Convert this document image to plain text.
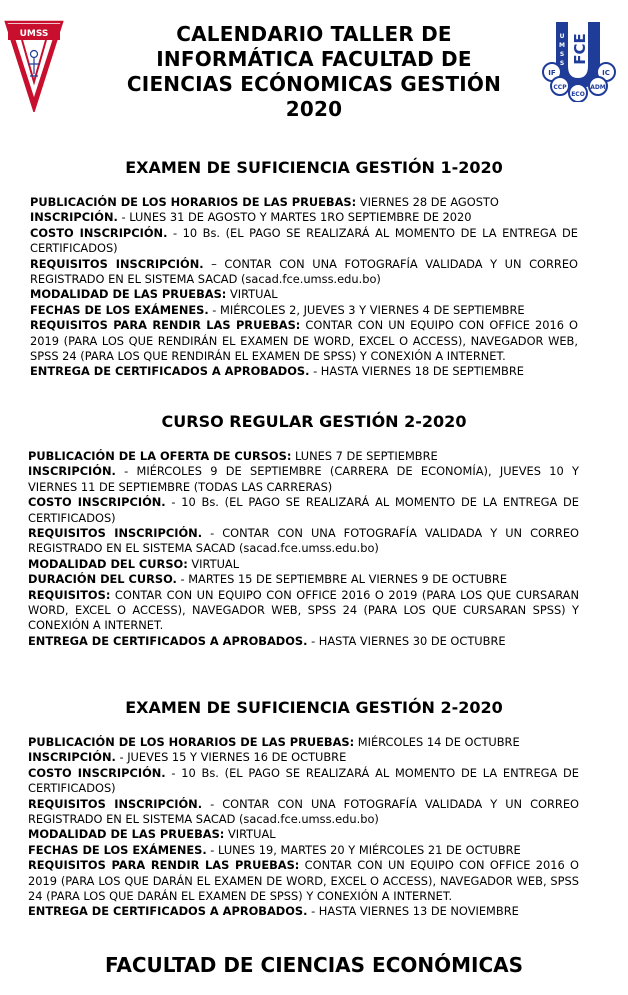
UMSS	FCE
U
M
S
S
IF	IC
CCP
ECO
ADM
CALENDARIO TALLER DE
INFORMÁTICA FACULTAD DE
CIENCIAS ECÓNOMICAS GESTIÓN
2020
EXAMEN DE SUFICIENCIA GESTIÓN 1-2020
PUBLICACIÓN DE LOS HORARIOS DE LAS PRUEBAS: VIERNES 28 DE AGOSTO
INSCRIPCIÓN. - LUNES 31 DE AGOSTO Y MARTES 1RO SEPTIEMBRE DE 2020
COSTO INSCRIPCIÓN. - 10 Bs. (EL PAGO SE REALIZARÁ AL MOMENTO DE LA ENTREGA DE CERTIFICADOS)
REQUISITOS INSCRIPCIÓN. – CONTAR CON UNA FOTOGRAFÍA VALIDADA Y UN CORREO REGISTRADO EN EL SISTEMA SACAD (sacad.fce.umss.edu.bo)
MODALIDAD DE LAS PRUEBAS: VIRTUAL
FECHAS DE LOS EXÁMENES. - MIÉRCOLES 2, JUEVES 3 Y VIERNES 4 DE SEPTIEMBRE
REQUISITOS PARA RENDIR LAS PRUEBAS: CONTAR CON UN EQUIPO CON OFFICE 2016 O 2019 (PARA LOS QUE RENDIRÁN EL EXAMEN DE WORD, EXCEL O ACCESS), NAVEGADOR WEB, SPSS 24 (PARA LOS QUE RENDIRÁN EL EXAMEN DE SPSS) Y CONEXIÓN A INTERNET.
ENTREGA DE CERTIFICADOS A APROBADOS. - HASTA VIERNES 18 DE SEPTIEMBRE
CURSO REGULAR GESTIÓN 2-2020
PUBLICACIÓN DE LA OFERTA DE CURSOS: LUNES 7 DE SEPTIEMBRE
INSCRIPCIÓN. - MIÉRCOLES 9 DE SEPTIEMBRE (CARRERA DE ECONOMÍA), JUEVES 10 Y VIERNES 11 DE SEPTIEMBRE (TODAS LAS CARRERAS)
COSTO INSCRIPCIÓN. - 10 Bs. (EL PAGO SE REALIZARÁ AL MOMENTO DE LA ENTREGA DE CERTIFICADOS)
REQUISITOS INSCRIPCIÓN. - CONTAR CON UNA FOTOGRAFÍA VALIDADA Y UN CORREO REGISTRADO EN EL SISTEMA SACAD (sacad.fce.umss.edu.bo)
MODALIDAD DEL CURSO: VIRTUAL
DURACIÓN DEL CURSO. - MARTES 15 DE SEPTIEMBRE AL VIERNES 9 DE OCTUBRE
REQUISITOS: CONTAR CON UN EQUIPO CON OFFICE 2016 O 2019 (PARA LOS QUE CURSARAN WORD, EXCEL O ACCESS), NAVEGADOR WEB, SPSS 24 (PARA LOS QUE CURSARAN SPSS) Y CONEXIÓN A INTERNET.
ENTREGA DE CERTIFICADOS A APROBADOS. - HASTA VIERNES 30 DE OCTUBRE
EXAMEN DE SUFICIENCIA GESTIÓN 2-2020
PUBLICACIÓN DE LOS HORARIOS DE LAS PRUEBAS: MIÉRCOLES 14 DE OCTUBRE
INSCRIPCIÓN. - JUEVES 15 Y VIERNES 16 DE OCTUBRE
COSTO INSCRIPCIÓN. - 10 Bs. (EL PAGO SE REALIZARÁ AL MOMENTO DE LA ENTREGA DE CERTIFICADOS)
REQUISITOS INSCRIPCIÓN. - CONTAR CON UNA FOTOGRAFÍA VALIDADA Y UN CORREO REGISTRADO EN EL SISTEMA SACAD (sacad.fce.umss.edu.bo)
MODALIDAD DE LAS PRUEBAS: VIRTUAL
FECHAS DE LOS EXÁMENES. - LUNES 19, MARTES 20 Y MIÉRCOLES 21 DE OCTUBRE
REQUISITOS PARA RENDIR LAS PRUEBAS: CONTAR CON UN EQUIPO CON OFFICE 2016 O 2019 (PARA LOS QUE DARÁN EL EXAMEN DE WORD, EXCEL O ACCESS), NAVEGADOR WEB, SPSS 24 (PARA LOS QUE DARÁN EL EXAMEN DE SPSS) Y CONEXIÓN A INTERNET.
ENTREGA DE CERTIFICADOS A APROBADOS. - HASTA VIERNES 13 DE NOVIEMBRE
FACULTAD DE CIENCIAS ECONÓMICAS
